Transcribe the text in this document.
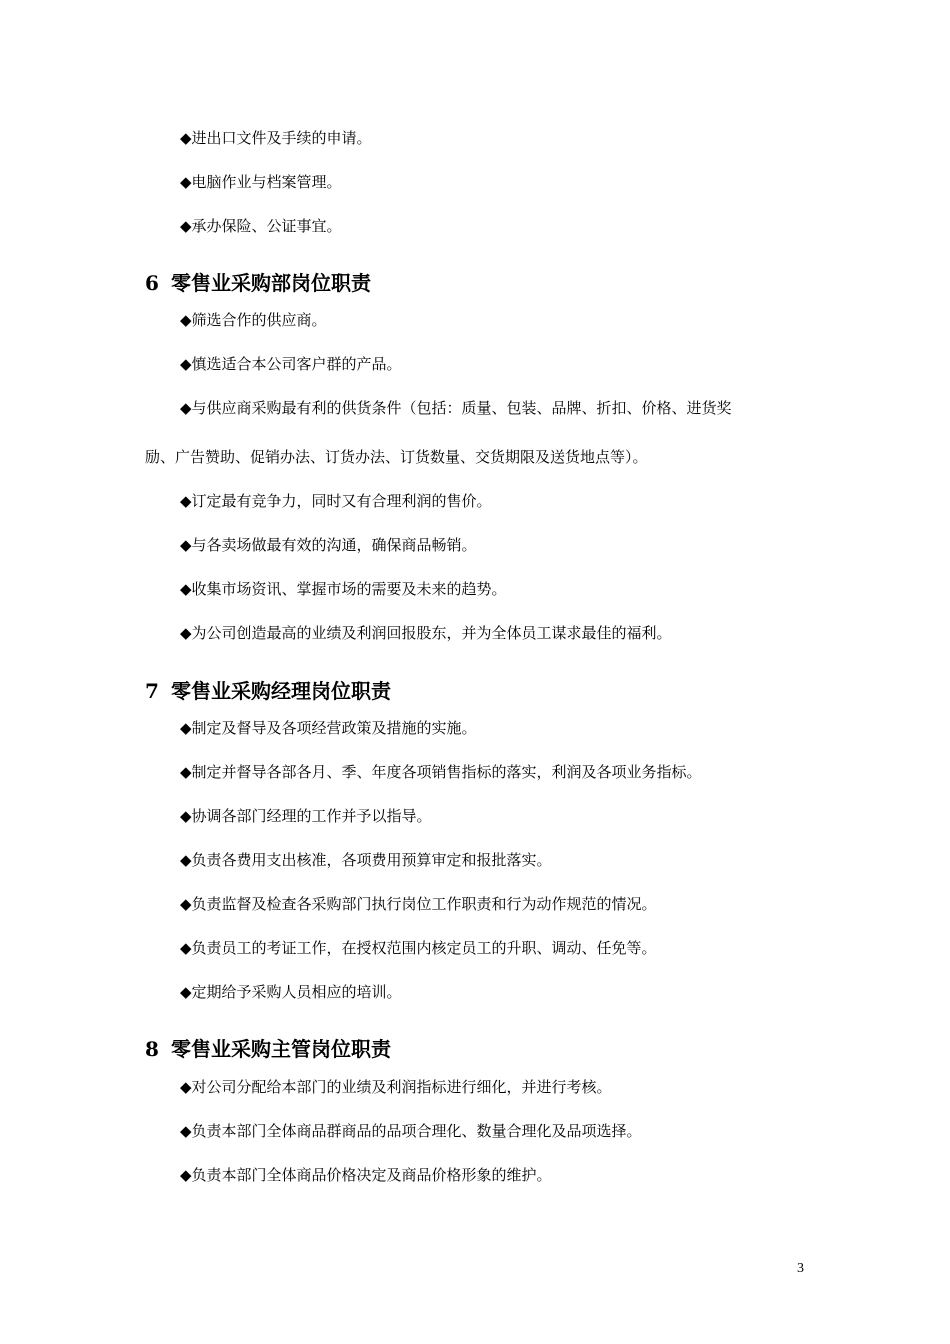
◆进出口文件及手续的申请。
◆电脑作业与档案管理。
◆承办保险、公证事宜。
6 零售业采购部岗位职责
◆筛选合作的供应商。
◆慎选适合本公司客户群的产品。
◆与供应商采购最有利的供货条件（包括：质量、包装、品牌、折扣、价格、进货奖
励、广告赞助、促销办法、订货办法、订货数量、交货期限及送货地点等）。
◆订定最有竞争力，同时又有合理利润的售价。
◆与各卖场做最有效的沟通，确保商品畅销。
◆收集市场资讯、掌握市场的需要及未来的趋势。
◆为公司创造最高的业绩及利润回报股东，并为全体员工谋求最佳的福利。
7 零售业采购经理岗位职责
◆制定及督导及各项经营政策及措施的实施。
◆制定并督导各部各月、季、年度各项销售指标的落实，利润及各项业务指标。
◆协调各部门经理的工作并予以指导。
◆负责各费用支出核准，各项费用预算审定和报批落实。
◆负责监督及检查各采购部门执行岗位工作职责和行为动作规范的情况。
◆负责员工的考证工作，在授权范围内核定员工的升职、调动、任免等。
◆定期给予采购人员相应的培训。
8 零售业采购主管岗位职责
◆对公司分配给本部门的业绩及利润指标进行细化，并进行考核。
◆负责本部门全体商品群商品的品项合理化、数量合理化及品项选择。
◆负责本部门全体商品价格决定及商品价格形象的维护。
3
